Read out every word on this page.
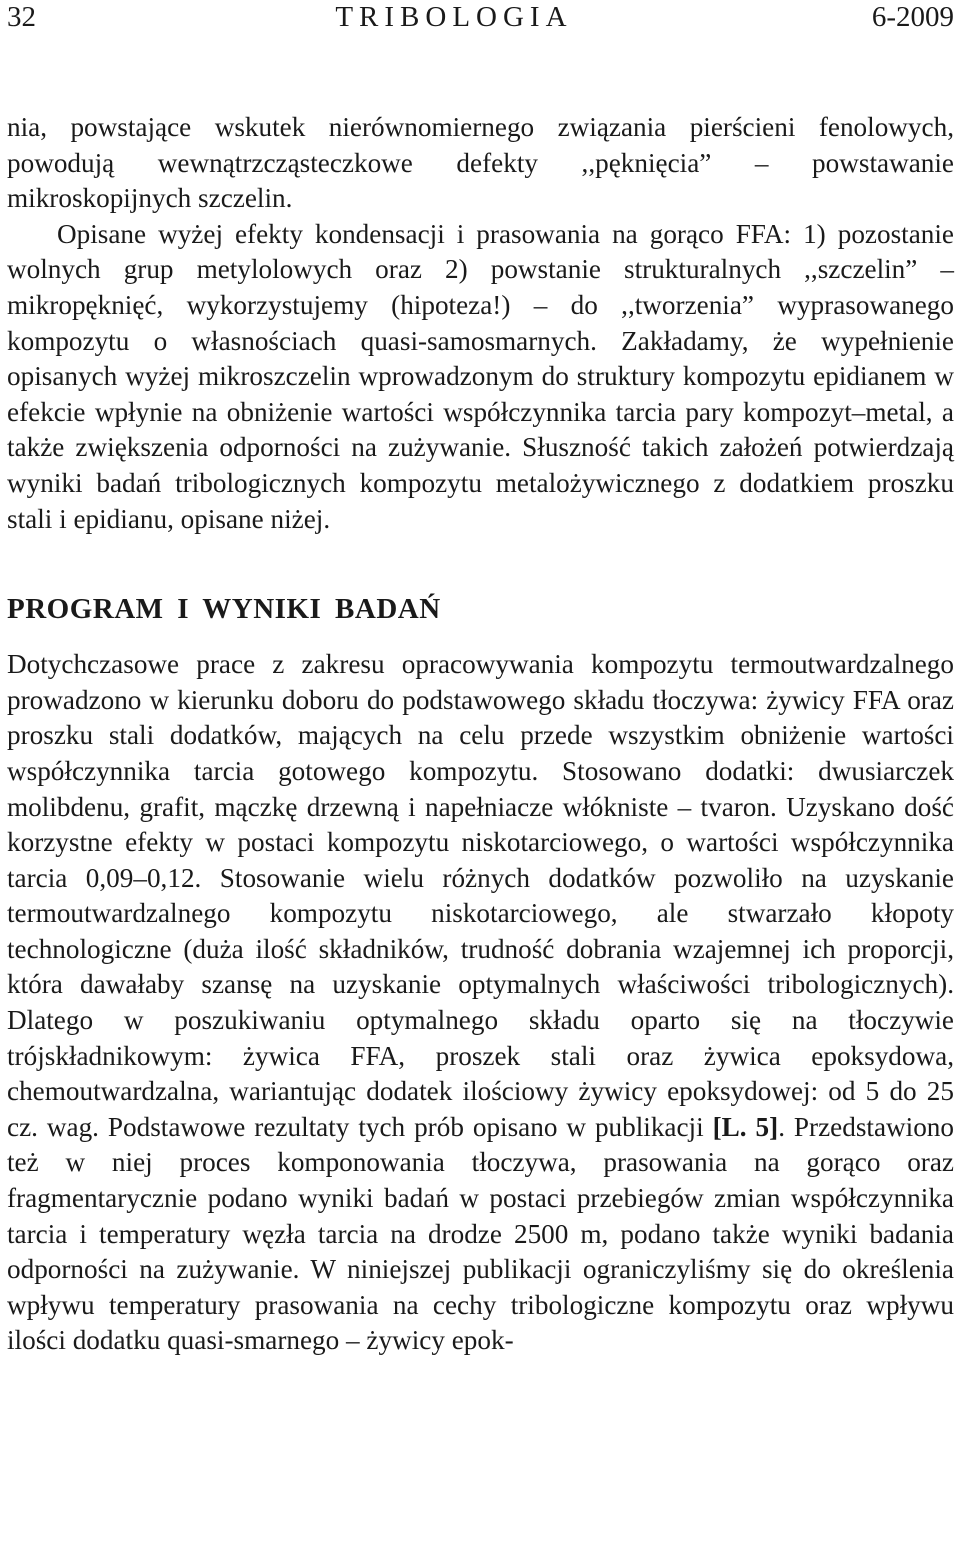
32	TRIBOLOGIA	6-2009

nia, powstające wskutek nierównomiernego związania pierścieni fenolowych, powodują wewnątrzcząsteczkowe defekty ,,pęknięcia” – powstawanie mikroskopijnych szczelin.

Opisane wyżej efekty kondensacji i prasowania na gorąco FFA: 1) pozostanie wolnych grup metylolowych oraz 2) powstanie strukturalnych ,,szczelin” – mikropęknięć, wykorzystujemy (hipoteza!) – do ,,tworzenia” wyprasowanego kompozytu o własnościach quasi-samosmarnych. Zakładamy, że wypełnienie opisanych wyżej mikroszczelin wprowadzonym do struktury kompozytu epidianem w efekcie wpłynie na obniżenie wartości współczynnika tarcia pary kompozyt–metal, a także zwiększenia odporności na zużywanie. Słuszność takich założeń potwierdzają wyniki badań tribologicznych kompozytu metalożywicznego z dodatkiem proszku stali i epidianu, opisane niżej.

PROGRAM I WYNIKI BADAŃ

Dotychczasowe prace z zakresu opracowywania kompozytu termoutwardzalnego prowadzono w kierunku doboru do podstawowego składu tłoczywa: żywicy FFA oraz proszku stali dodatków, mających na celu przede wszystkim obniżenie wartości współczynnika tarcia gotowego kompozytu. Stosowano dodatki: dwusiarczek molibdenu, grafit, mączkę drzewną i napełniacze włókniste – tvaron. Uzyskano dość korzystne efekty w postaci kompozytu niskotarciowego, o wartości współczynnika tarcia 0,09–0,12. Stosowanie wielu różnych dodatków pozwoliło na uzyskanie termoutwardzalnego kompozytu niskotarciowego, ale stwarzało kłopoty technologiczne (duża ilość składników, trudność dobrania wzajemnej ich proporcji, która dawałaby szansę na uzyskanie optymalnych właściwości tribologicznych). Dlatego w poszukiwaniu optymalnego składu oparto się na tłoczywie trójskładnikowym: żywica FFA, proszek stali oraz żywica epoksydowa, chemoutwardzalna, wariantując dodatek ilościowy żywicy epoksydowej: od 5 do 25 cz. wag. Podstawowe rezultaty tych prób opisano w publikacji [L. 5]. Przedstawiono też w niej proces komponowania tłoczywa, prasowania na gorąco oraz fragmentarycznie podano wyniki badań w postaci przebiegów zmian współczynnika tarcia i temperatury węzła tarcia na drodze 2500 m, podano także wyniki badania odporności na zużywanie. W niniejszej publikacji ograniczyliśmy się do określenia wpływu temperatury prasowania na cechy tribologiczne kompozytu oraz wpływu ilości dodatku quasi-smarnego – żywicy epok-
